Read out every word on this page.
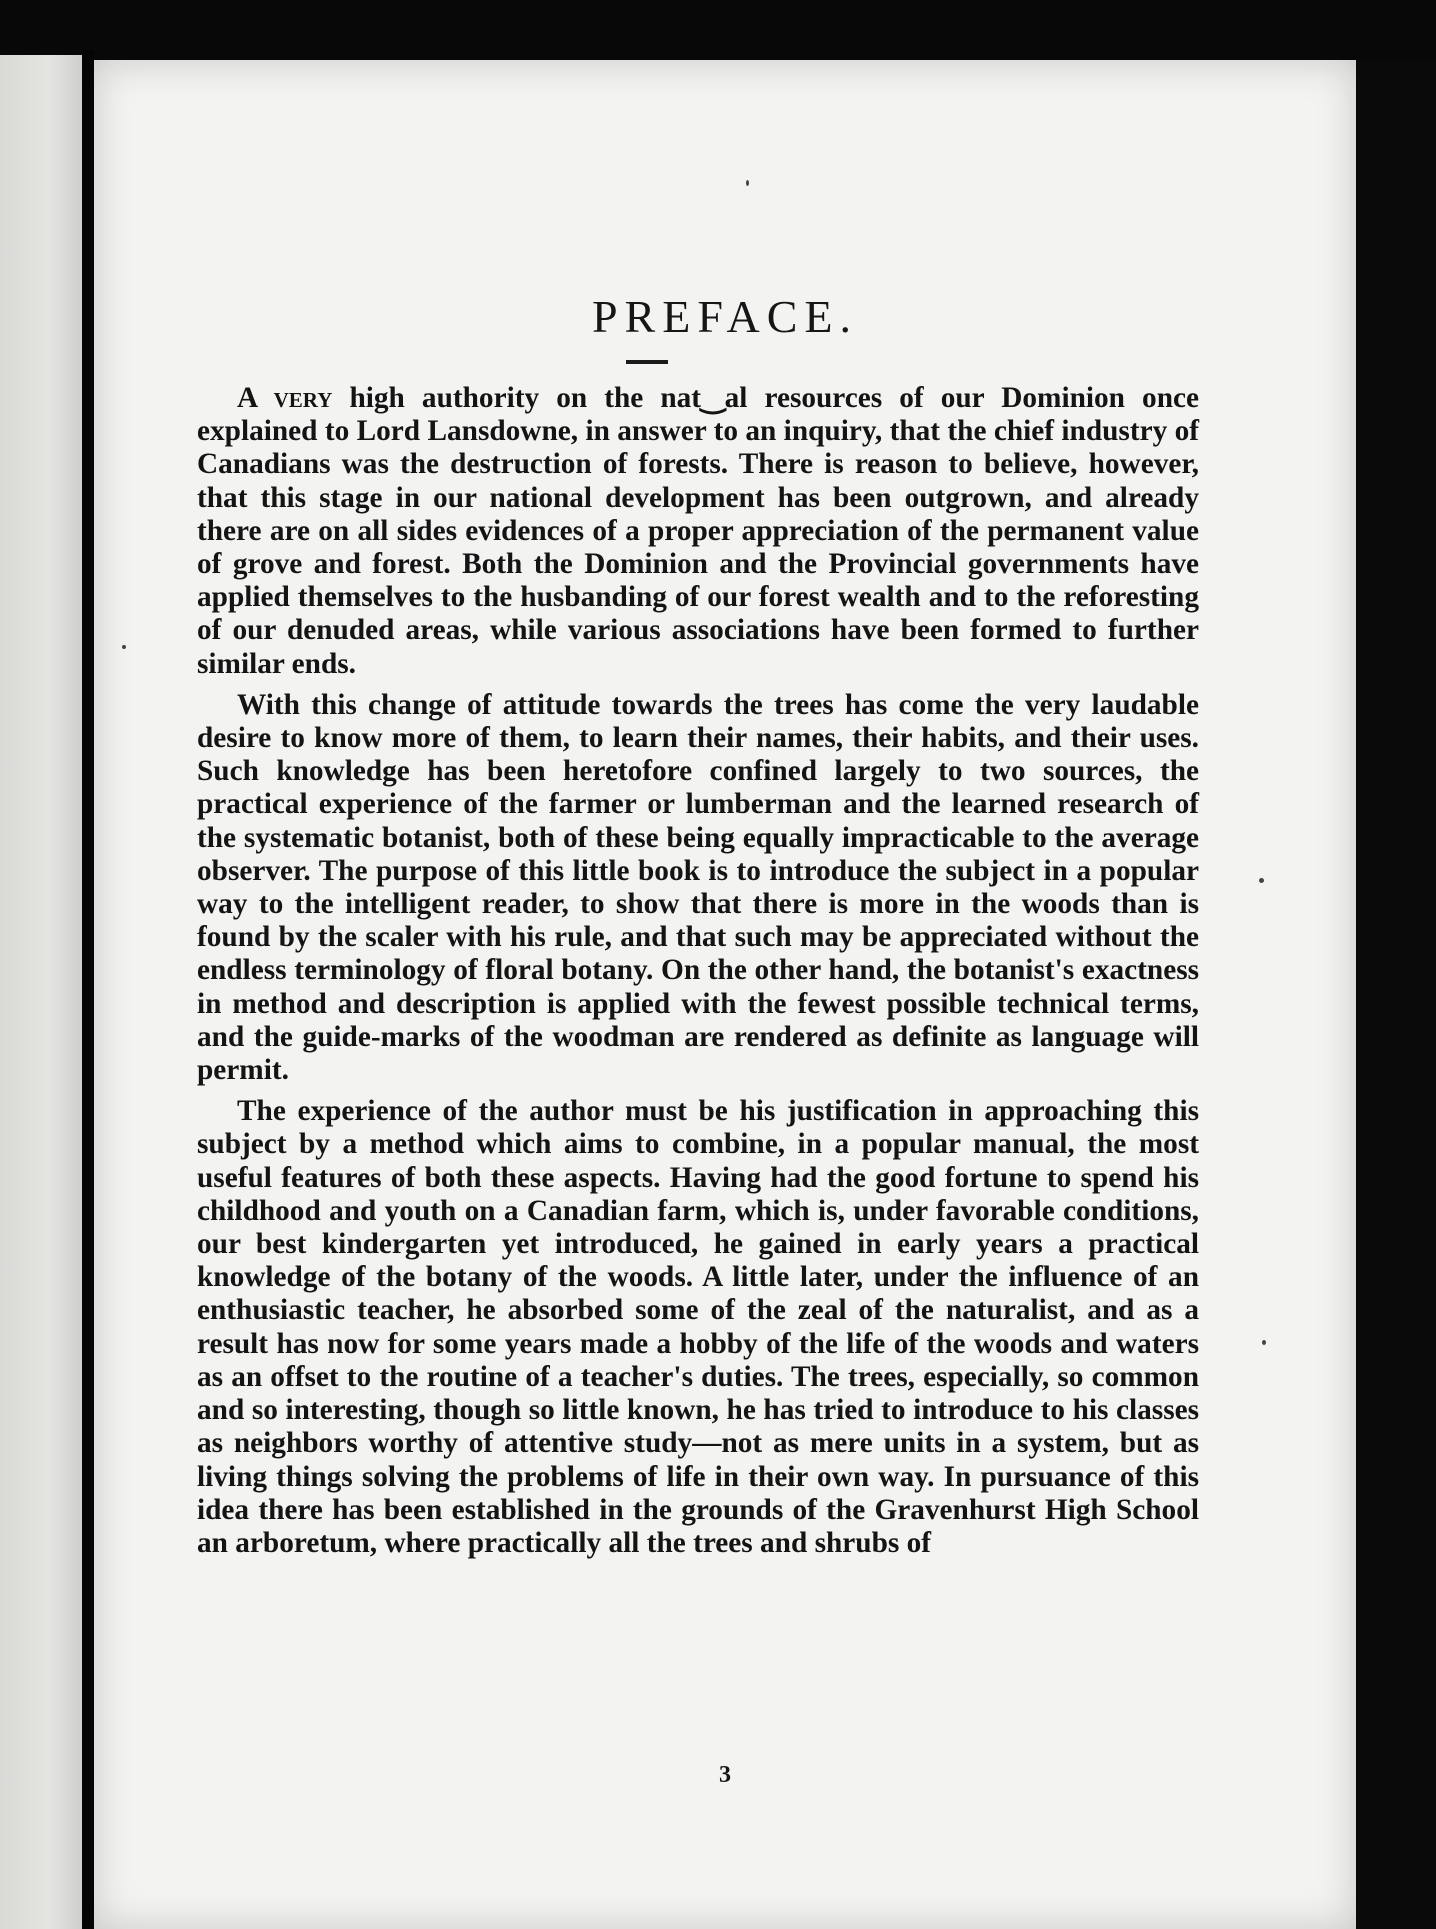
PREFACE.

A very high authority on the nat‿al resources of our Dominion once explained to Lord Lansdowne, in answer to an inquiry, that the chief industry of Canadians was the destruction of forests. There is reason to believe, however, that this stage in our national development has been outgrown, and already there are on all sides evidences of a proper appreciation of the permanent value of grove and forest. Both the Dominion and the Provincial governments have applied themselves to the husbanding of our forest wealth and to the reforesting of our denuded areas, while various associations have been formed to further similar ends.

With this change of attitude towards the trees has come the very laudable desire to know more of them, to learn their names, their habits, and their uses. Such knowledge has been heretofore confined largely to two sources, the practical experience of the farmer or lumberman and the learned research of the systematic botanist, both of these being equally impracticable to the average observer. The purpose of this little book is to introduce the subject in a popular way to the intelligent reader, to show that there is more in the woods than is found by the scaler with his rule, and that such may be appreciated without the endless terminology of floral botany. On the other hand, the botanist's exactness in method and description is applied with the fewest possible technical terms, and the guide-marks of the woodman are rendered as definite as language will permit.

The experience of the author must be his justification in approaching this subject by a method which aims to combine, in a popular manual, the most useful features of both these aspects. Having had the good fortune to spend his childhood and youth on a Canadian farm, which is, under favorable conditions, our best kindergarten yet introduced, he gained in early years a practical knowledge of the botany of the woods. A little later, under the influence of an enthusiastic teacher, he absorbed some of the zeal of the naturalist, and as a result has now for some years made a hobby of the life of the woods and waters as an offset to the routine of a teacher's duties. The trees, especially, so common and so interesting, though so little known, he has tried to introduce to his classes as neighbors worthy of attentive study—not as mere units in a system, but as living things solving the problems of life in their own way. In pursuance of this idea there has been established in the grounds of the Gravenhurst High School an arboretum, where practically all the trees and shrubs of

3
